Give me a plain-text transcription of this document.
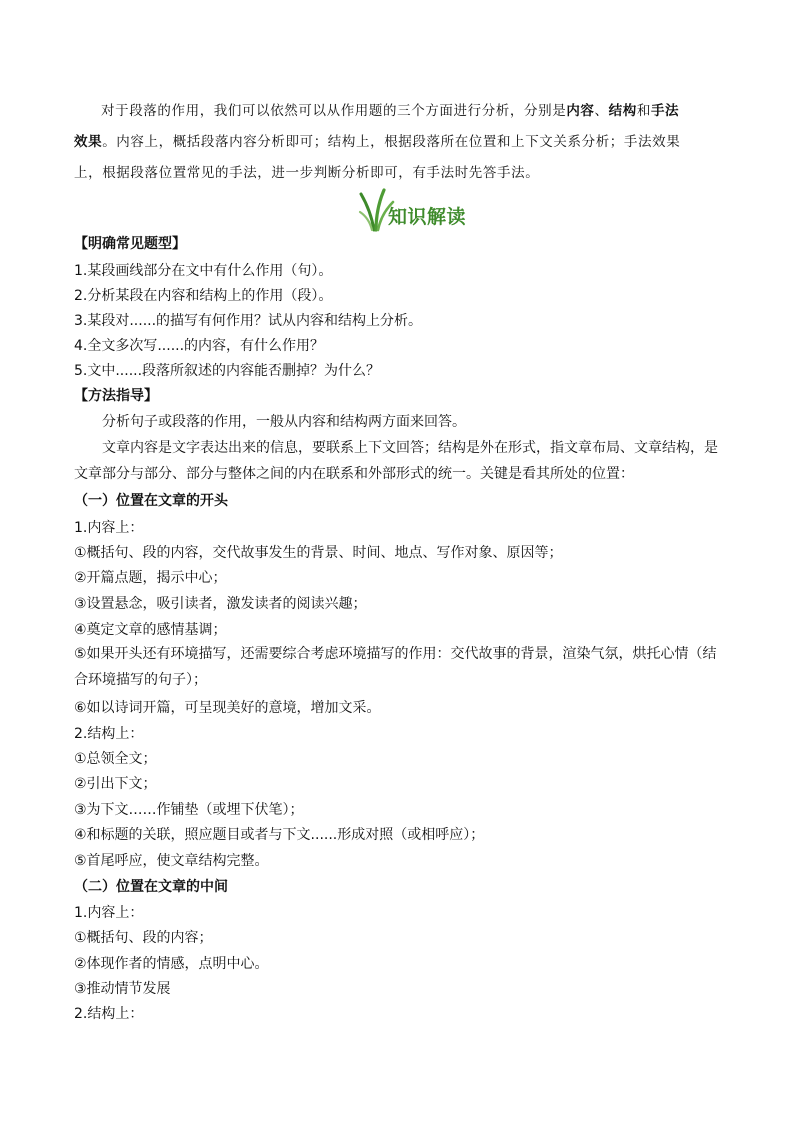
对于段落的作用，我们可以依然可以从作用题的三个方面进行分析，分别是内容、结构和手法

效果。内容上，概括段落内容分析即可；结构上，根据段落所在位置和上下文关系分析；手法效果

上，根据段落位置常见的手法，进一步判断分析即可，有手法时先答手法。

知识解读
【明确常见题型】
1.某段画线部分在文中有什么作用（句）。
2.分析某段在内容和结构上的作用（段）。
3.某段对......的描写有何作用？试从内容和结构上分析。
4.全文多次写......的内容，有什么作用？
5.文中......段落所叙述的内容能否删掉？为什么？
【方法指导】
分析句子或段落的作用，一般从内容和结构两方面来回答。
文章内容是文字表达出来的信息，要联系上下文回答；结构是外在形式，指文章布局、文章结构，是文章部分与部分、部分与整体之间的内在联系和外部形式的统一。关键是看其所处的位置：
（一）位置在文章的开头
1.内容上：
①概括句、段的内容，交代故事发生的背景、时间、地点、写作对象、原因等；
②开篇点题，揭示中心；
③设置悬念，吸引读者，激发读者的阅读兴趣；
④奠定文章的感情基调；
⑤如果开头还有环境描写，还需要综合考虑环境描写的作用：交代故事的背景，渲染气氛，烘托心情（结合环境描写的句子）；
⑥如以诗词开篇，可呈现美好的意境，增加文采。
2.结构上：
①总领全文；
②引出下文；
③为下文……作铺垫（或埋下伏笔）；
④和标题的关联，照应题目或者与下文......形成对照（或相呼应）；
⑤首尾呼应，使文章结构完整。
（二）位置在文章的中间
1.内容上：
①概括句、段的内容；
②体现作者的情感，点明中心。
③推动情节发展
2.结构上：
